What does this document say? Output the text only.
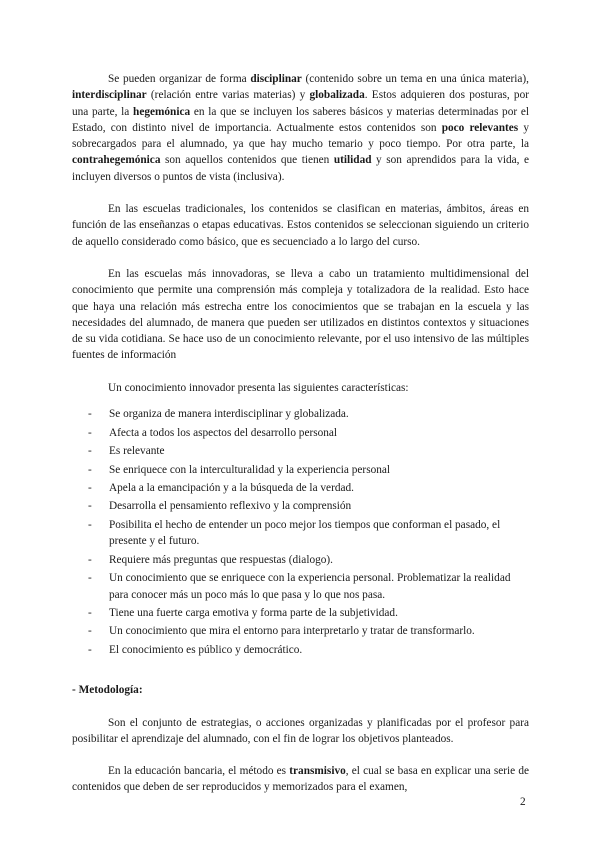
Se pueden organizar de forma disciplinar (contenido sobre un tema en una única materia), interdisciplinar (relación entre varias materias) y globalizada. Estos adquieren dos posturas, por una parte, la hegemónica en la que se incluyen los saberes básicos y materias determinadas por el Estado, con distinto nivel de importancia. Actualmente estos contenidos son poco relevantes y sobrecargados para el alumnado, ya que hay mucho temario y poco tiempo. Por otra parte, la contrahegemónica son aquellos contenidos que tienen utilidad y son aprendidos para la vida, e incluyen diversos o puntos de vista (inclusiva).

En las escuelas tradicionales, los contenidos se clasifican en materias, ámbitos, áreas en función de las enseñanzas o etapas educativas. Estos contenidos se seleccionan siguiendo un criterio de aquello considerado como básico, que es secuenciado a lo largo del curso.

En las escuelas más innovadoras, se lleva a cabo un tratamiento multidimensional del conocimiento que permite una comprensión más compleja y totalizadora de la realidad. Esto hace que haya una relación más estrecha entre los conocimientos que se trabajan en la escuela y las necesidades del alumnado, de manera que pueden ser utilizados en distintos contextos y situaciones de su vida cotidiana. Se hace uso de un conocimiento relevante, por el uso intensivo de las múltiples fuentes de información

Un conocimiento innovador presenta las siguientes características:

- Se organiza de manera interdisciplinar y globalizada.
- Afecta a todos los aspectos del desarrollo personal
- Es relevante
- Se enriquece con la interculturalidad y la experiencia personal
- Apela a la emancipación y a la búsqueda de la verdad.
- Desarrolla el pensamiento reflexivo y la comprensión
- Posibilita el hecho de entender un poco mejor los tiempos que conforman el pasado, el presente y el futuro.
- Requiere más preguntas que respuestas (dialogo).
- Un conocimiento que se enriquece con la experiencia personal. Problematizar la realidad para conocer más un poco más lo que pasa y lo que nos pasa.
- Tiene una fuerte carga emotiva y forma parte de la subjetividad.
- Un conocimiento que mira el entorno para interpretarlo y tratar de transformarlo.
- El conocimiento es público y democrático.

- Metodología:

Son el conjunto de estrategias, o acciones organizadas y planificadas por el profesor para posibilitar el aprendizaje del alumnado, con el fin de lograr los objetivos planteados.

En la educación bancaria, el método es transmisivo, el cual se basa en explicar una serie de contenidos que deben de ser reproducidos y memorizados para el examen,

2
